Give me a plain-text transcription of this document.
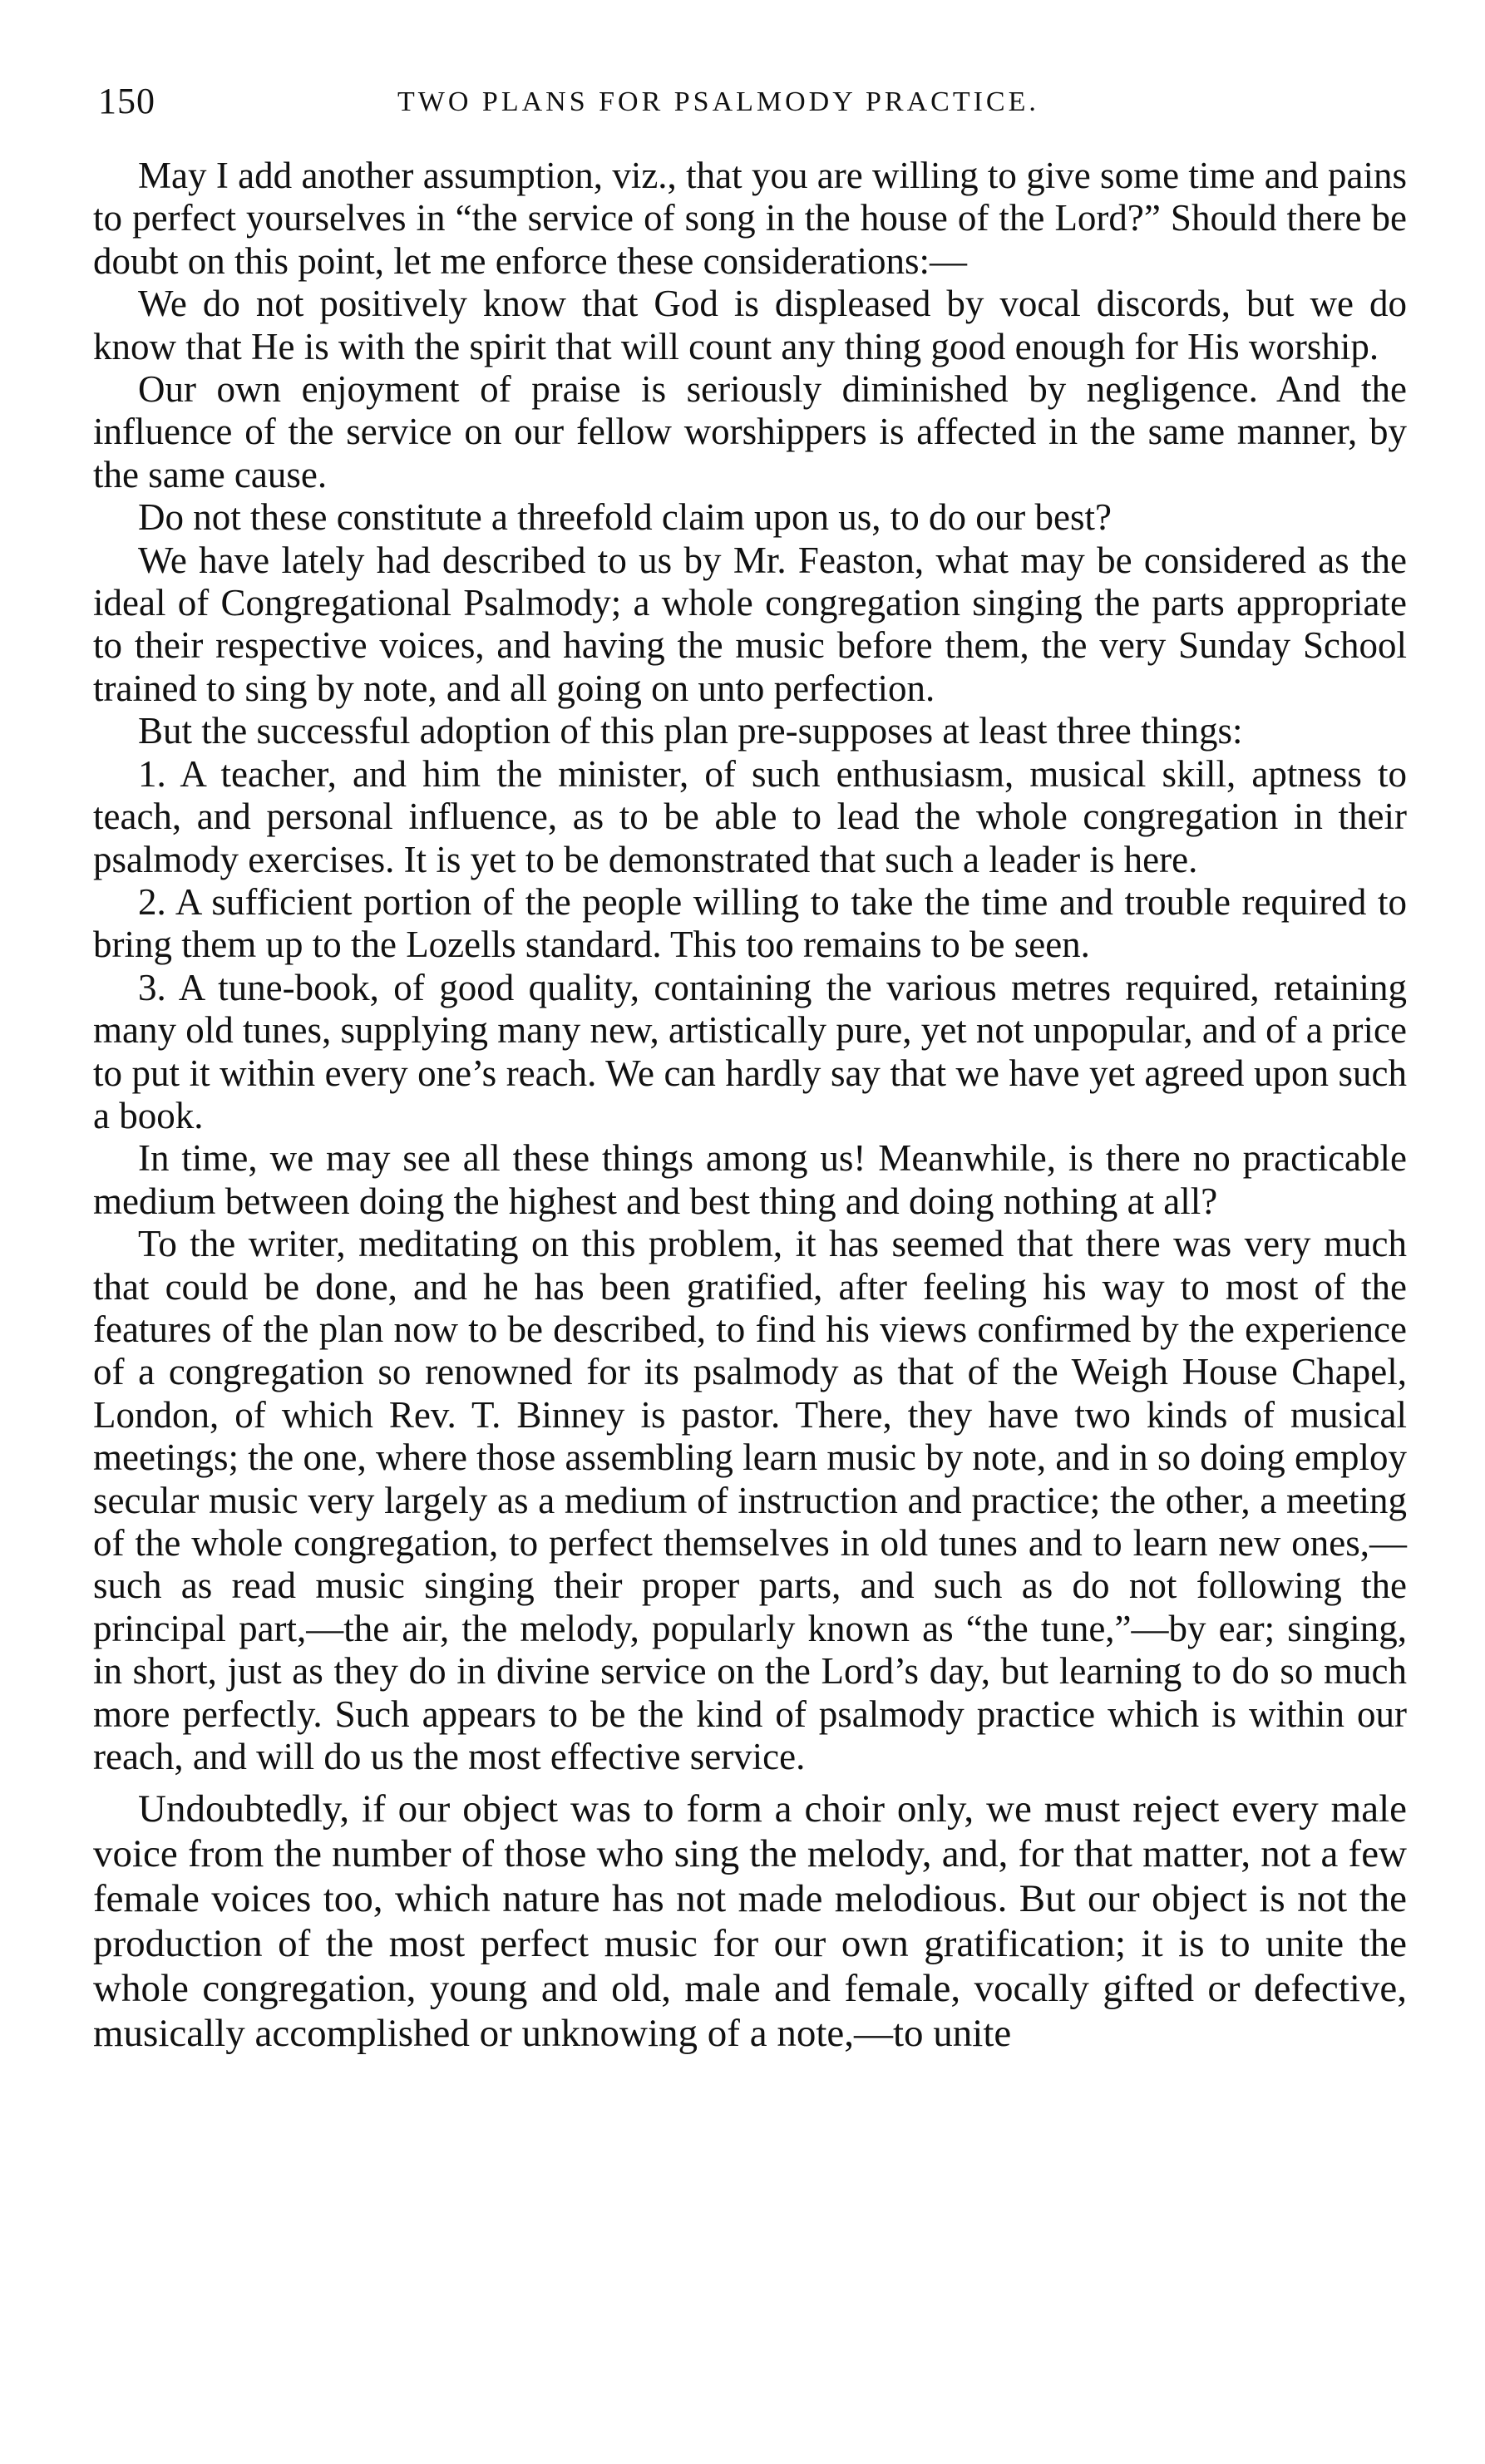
150	TWO PLANS FOR PSALMODY PRACTICE.

May I add another assumption, viz., that you are willing to give some time and pains to perfect yourselves in “the service of song in the house of the Lord?” Should there be doubt on this point, let me enforce these considerations:—

We do not positively know that God is displeased by vocal discords, but we do know that He is with the spirit that will count any thing good enough for His worship.

Our own enjoyment of praise is seriously diminished by negligence. And the influence of the service on our fellow worshippers is affected in the same manner, by the same cause.

Do not these constitute a threefold claim upon us, to do our best?

We have lately had described to us by Mr. Feaston, what may be considered as the ideal of Congregational Psalmody; a whole congregation singing the parts appropriate to their respective voices, and having the music before them, the very Sunday School trained to sing by note, and all going on unto perfection.

But the successful adoption of this plan pre-supposes at least three things:

1. A teacher, and him the minister, of such enthusiasm, musical skill, aptness to teach, and personal influence, as to be able to lead the whole congregation in their psalmody exercises. It is yet to be demonstrated that such a leader is here.

2. A sufficient portion of the people willing to take the time and trouble required to bring them up to the Lozells standard. This too remains to be seen.

3. A tune-book, of good quality, containing the various metres required, retaining many old tunes, supplying many new, artistically pure, yet not unpopular, and of a price to put it within every one’s reach. We can hardly say that we have yet agreed upon such a book.

In time, we may see all these things among us! Meanwhile, is there no practicable medium between doing the highest and best thing and doing nothing at all?

To the writer, meditating on this problem, it has seemed that there was very much that could be done, and he has been gratified, after feeling his way to most of the features of the plan now to be described, to find his views confirmed by the experience of a congregation so renowned for its psalmody as that of the Weigh House Chapel, London, of which Rev. T. Binney is pastor. There, they have two kinds of musical meetings; the one, where those assembling learn music by note, and in so doing employ secular music very largely as a medium of instruction and practice; the other, a meeting of the whole congregation, to perfect themselves in old tunes and to learn new ones,—such as read music singing their proper parts, and such as do not following the principal part,—the air, the melody, popularly known as “the tune,”—by ear; singing, in short, just as they do in divine service on the Lord’s day, but learning to do so much more perfectly. Such appears to be the kind of psalmody practice which is within our reach, and will do us the most effective service.

Undoubtedly, if our object was to form a choir only, we must reject every male voice from the number of those who sing the melody, and, for that matter, not a few female voices too, which nature has not made melodious. But our object is not the production of the most perfect music for our own gratification; it is to unite the whole congregation, young and old, male and female, vocally gifted or defective, musically accomplished or unknowing of a note,—to unite
